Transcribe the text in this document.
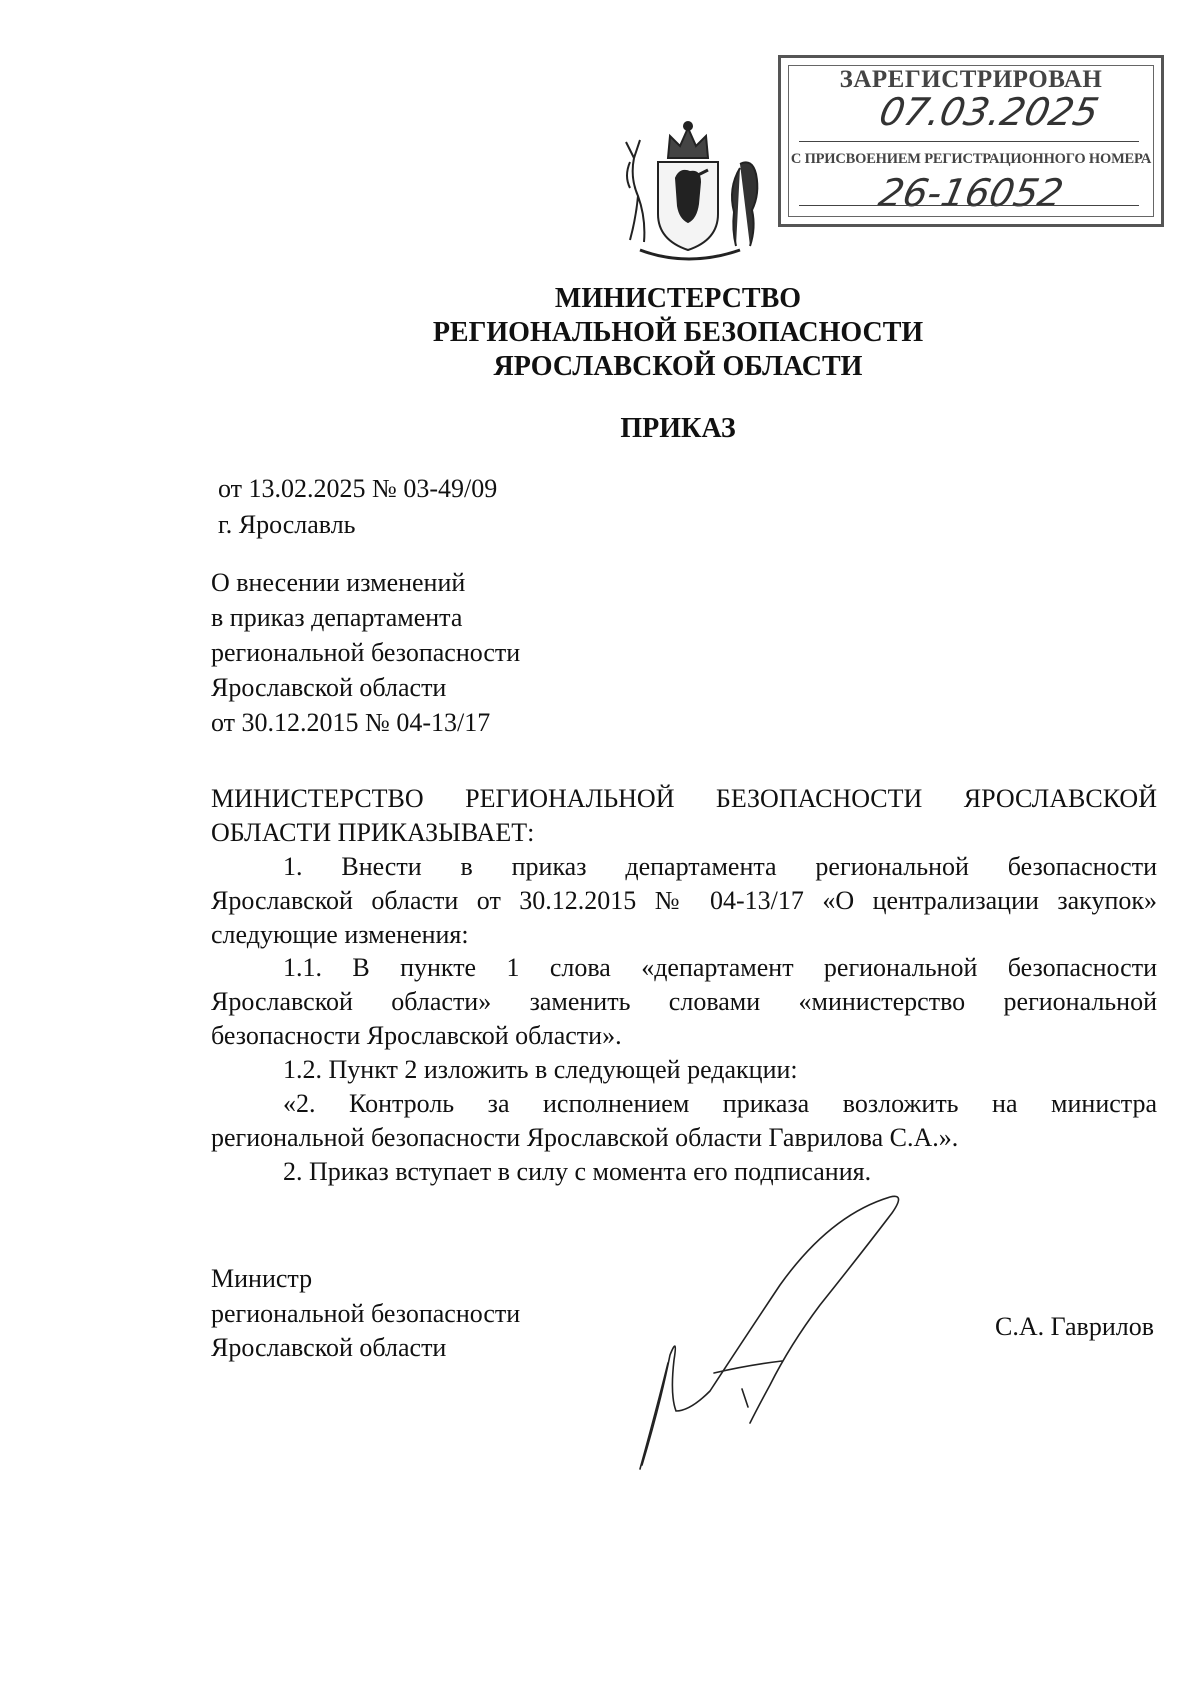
ЗАРЕГИСТРИРОВАН
07.03.2025
С ПРИСВОЕНИЕМ РЕГИСТРАЦИОННОГО НОМЕРА
26-16052
МИНИСТЕРСТВО
РЕГИОНАЛЬНОЙ БЕЗОПАСНОСТИ
ЯРОСЛАВСКОЙ ОБЛАСТИ
ПРИКАЗ
от 13.02.2025 № 03-49/09
г. Ярославль
О внесении изменений
в приказ департамента
региональной безопасности
Ярославской области
от 30.12.2015 № 04-13/17
МИНИСТЕРСТВО РЕГИОНАЛЬНОЙ БЕЗОПАСНОСТИ ЯРОСЛАВСКОЙ
ОБЛАСТИ ПРИКАЗЫВАЕТ:
1. Внести в приказ департамента региональной безопасности
Ярославской области от 30.12.2015 № 04-13/17 «О централизации закупок»
следующие изменения:
1.1. В пункте 1 слова «департамент региональной безопасности
Ярославской области» заменить словами «министерство региональной
безопасности Ярославской области».
1.2. Пункт 2 изложить в следующей редакции:
«2. Контроль за исполнением приказа возложить на министра
региональной безопасности Ярославской области Гаврилова С.А.».
2. Приказ вступает в силу с момента его подписания.
Министр
региональной безопасности
Ярославской области
С.А. Гаврилов
